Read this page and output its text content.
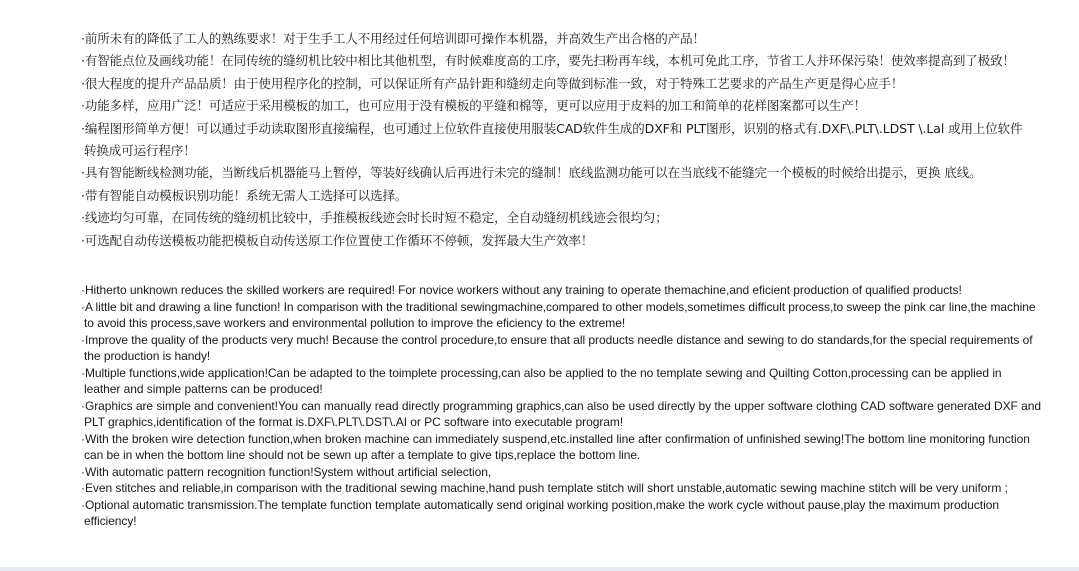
·前所未有的降低了工人的熟练要求！对于生手工人不用经过任何培训即可操作本机器，并高效生产出合格的产品！

·有智能点位及画线功能！在同传统的缝纫机比较中相比其他机型，有时候难度高的工序，要先扫粉再车线，本机可免此工序，节省工人并环保污染！使效率提高到了极致！

·很大程度的提升产品品质！由于使用程序化的控制，可以保证所有产品针距和缝纫走向等做到标准一致，对于特殊工艺要求的产品生产更是得心应手！

·功能多样，应用广泛！可适应于采用模板的加工，也可应用于没有模板的平缝和棉等，更可以应用于皮料的加工和简单的花样图案都可以生产！

·编程图形简单方便！可以通过手动读取图形直接编程，也可通过上位软件直接使用服装CAD软件生成的DXF和 PLT图形，识别的格式有.DXF\.PLT\.LDST \.Lal 或用上位软件

转换成可运行程序！

·具有智能断线检测功能，当断线后机器能马上暂停，等装好线确认后再进行未完的缝制！底线监测功能可以在当底线不能缝完一个模板的时候给出提示，更换 底线。

·带有智能自动模板识别功能！系统无需人工选择可以选择。

·线迹均匀可靠，在同传统的缝纫机比较中，手推模板线迹会时长时短不稳定，全自动缝纫机线迹会很均匀；

·可选配自动传送模板功能把模板自动传送原工作位置使工作循环不停顿，发挥最大生产效率！

·Hitherto unknown reduces the skilled workers are required! For novice workers without any training to operate themachine,and eficient production of qualified products!

·A little bit and drawing a line function! In comparison with the traditional sewingmachine,compared to other models,sometimes difficult process,to sweep the pink car line,the machine to avoid this process,save workers and environmental pollution to improve the eficiency to the extreme!

·Improve the quality of the products very much! Because the control procedure,to ensure that all products needle distance and sewing to do standards,for the special requirements of the production is handy!

·Multiple functions,wide application!Can be adapted to the toimplete processing,can also be applied to the no template sewing and Quilting Cotton,processing can be applied in leather and simple patterns can be produced!

·Graphics are simple and convenient!You can manually read directly programming graphics,can also be used directly by the upper software clothing CAD software generated DXF and PLT graphics,identification of the format is.DXF\.PLT\.DST\.AI or PC software into executable program!

·With the broken wire detection function,when broken machine can immediately suspend,etc.installed line after confirmation of unfinished sewing!The bottom line monitoring function can be in when the bottom line should not be sewn up after a template to give tips,replace the bottom line.

·With automatic pattern recognition function!System without artificial selection,

·Even stitches and reliable,in comparison with the traditional sewing machine,hand push template stitch will short unstable,automatic sewing machine stitch will be very uniform ;

·Optional automatic transmission.The template function template automatically send original working position,make the work cycle without pause,play the maximum production efficiency!
